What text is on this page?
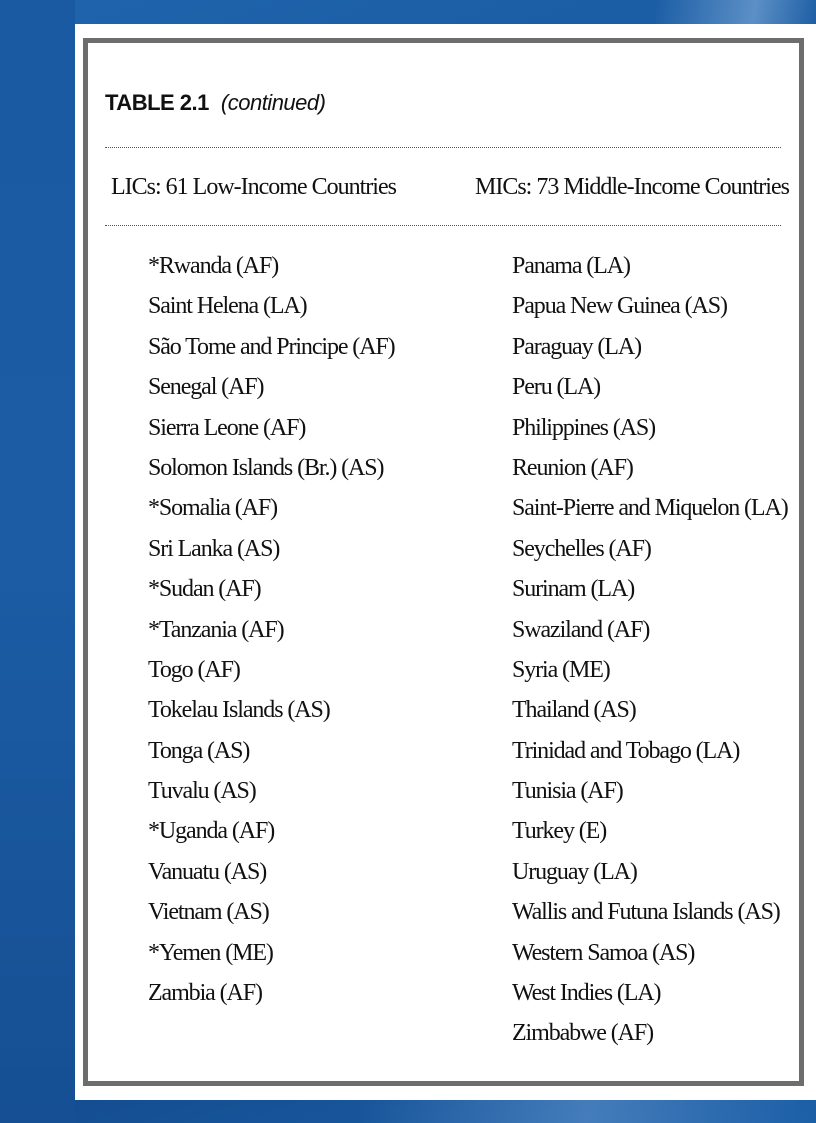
TABLE 2.1 (continued)

LICs: 61 Low-Income Countries	MICs: 73 Middle-Income Countries

*Rwanda (AF)
Saint Helena (LA)
São Tome and Principe (AF)
Senegal (AF)
Sierra Leone (AF)
Solomon Islands (Br.) (AS)
*Somalia (AF)
Sri Lanka (AS)
*Sudan (AF)
*Tanzania (AF)
Togo (AF)
Tokelau Islands (AS)
Tonga (AS)
Tuvalu (AS)
*Uganda (AF)
Vanuatu (AS)
Vietnam (AS)
*Yemen (ME)
Zambia (AF)
Panama (LA)
Papua New Guinea (AS)
Paraguay (LA)
Peru (LA)
Philippines (AS)
Reunion (AF)
Saint-Pierre and Miquelon (LA)
Seychelles (AF)
Surinam (LA)
Swaziland (AF)
Syria (ME)
Thailand (AS)
Trinidad and Tobago (LA)
Tunisia (AF)
Turkey (E)
Uruguay (LA)
Wallis and Futuna Islands (AS)
Western Samoa (AS)
West Indies (LA)
Zimbabwe (AF)
